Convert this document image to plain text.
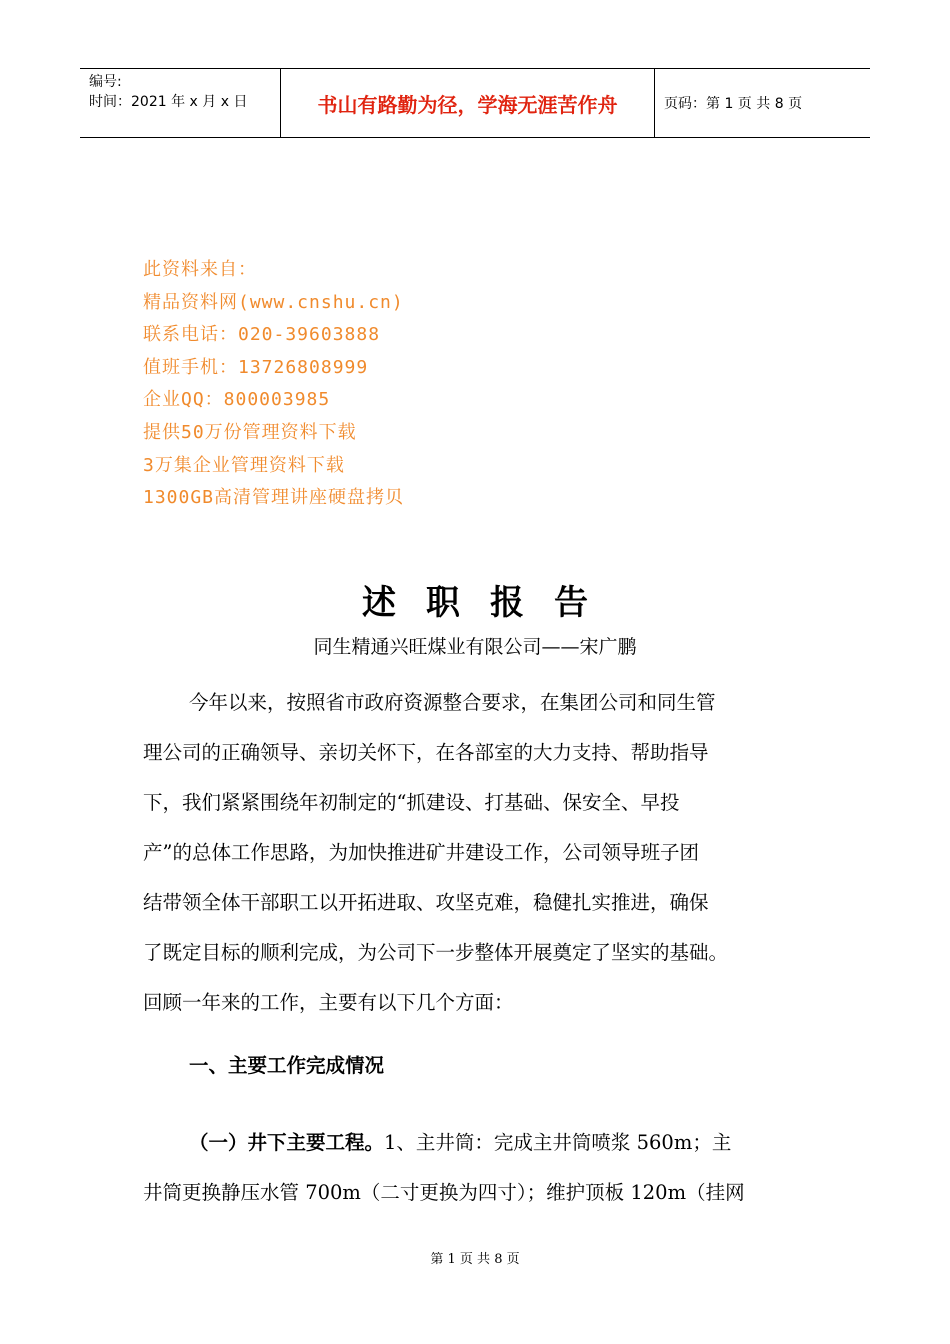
编号:
时间：2021 年 x 月 x 日	书山有路勤为径，学海无涯苦作舟	页码：第 1 页 共 8 页
此资料来自：
精品资料网(www.cnshu.cn)
联系电话：020-39603888
值班手机：13726808999
企业QQ：800003985
提供50万份管理资料下载
3万集企业管理资料下载
1300GB高清管理讲座硬盘拷贝
述职报告
同生精通兴旺煤业有限公司——宋广鹏
今年以来，按照省市政府资源整合要求，在集团公司和同生管
理公司的正确领导、亲切关怀下，在各部室的大力支持、帮助指导
下，我们紧紧围绕年初制定的“抓建设、打基础、保安全、早投
产”的总体工作思路，为加快推进矿井建设工作，公司领导班子团
结带领全体干部职工以开拓进取、攻坚克难，稳健扎实推进，确保
了既定目标的顺利完成，为公司下一步整体开展奠定了坚实的基础。
回顾一年来的工作，主要有以下几个方面：
一、主要工作完成情况
（一）井下主要工程。1、主井筒：完成主井筒喷浆 560m；主
井筒更换静压水管 700m（二寸更换为四寸）；维护顶板 120m（挂网
第 1 页 共 8 页
